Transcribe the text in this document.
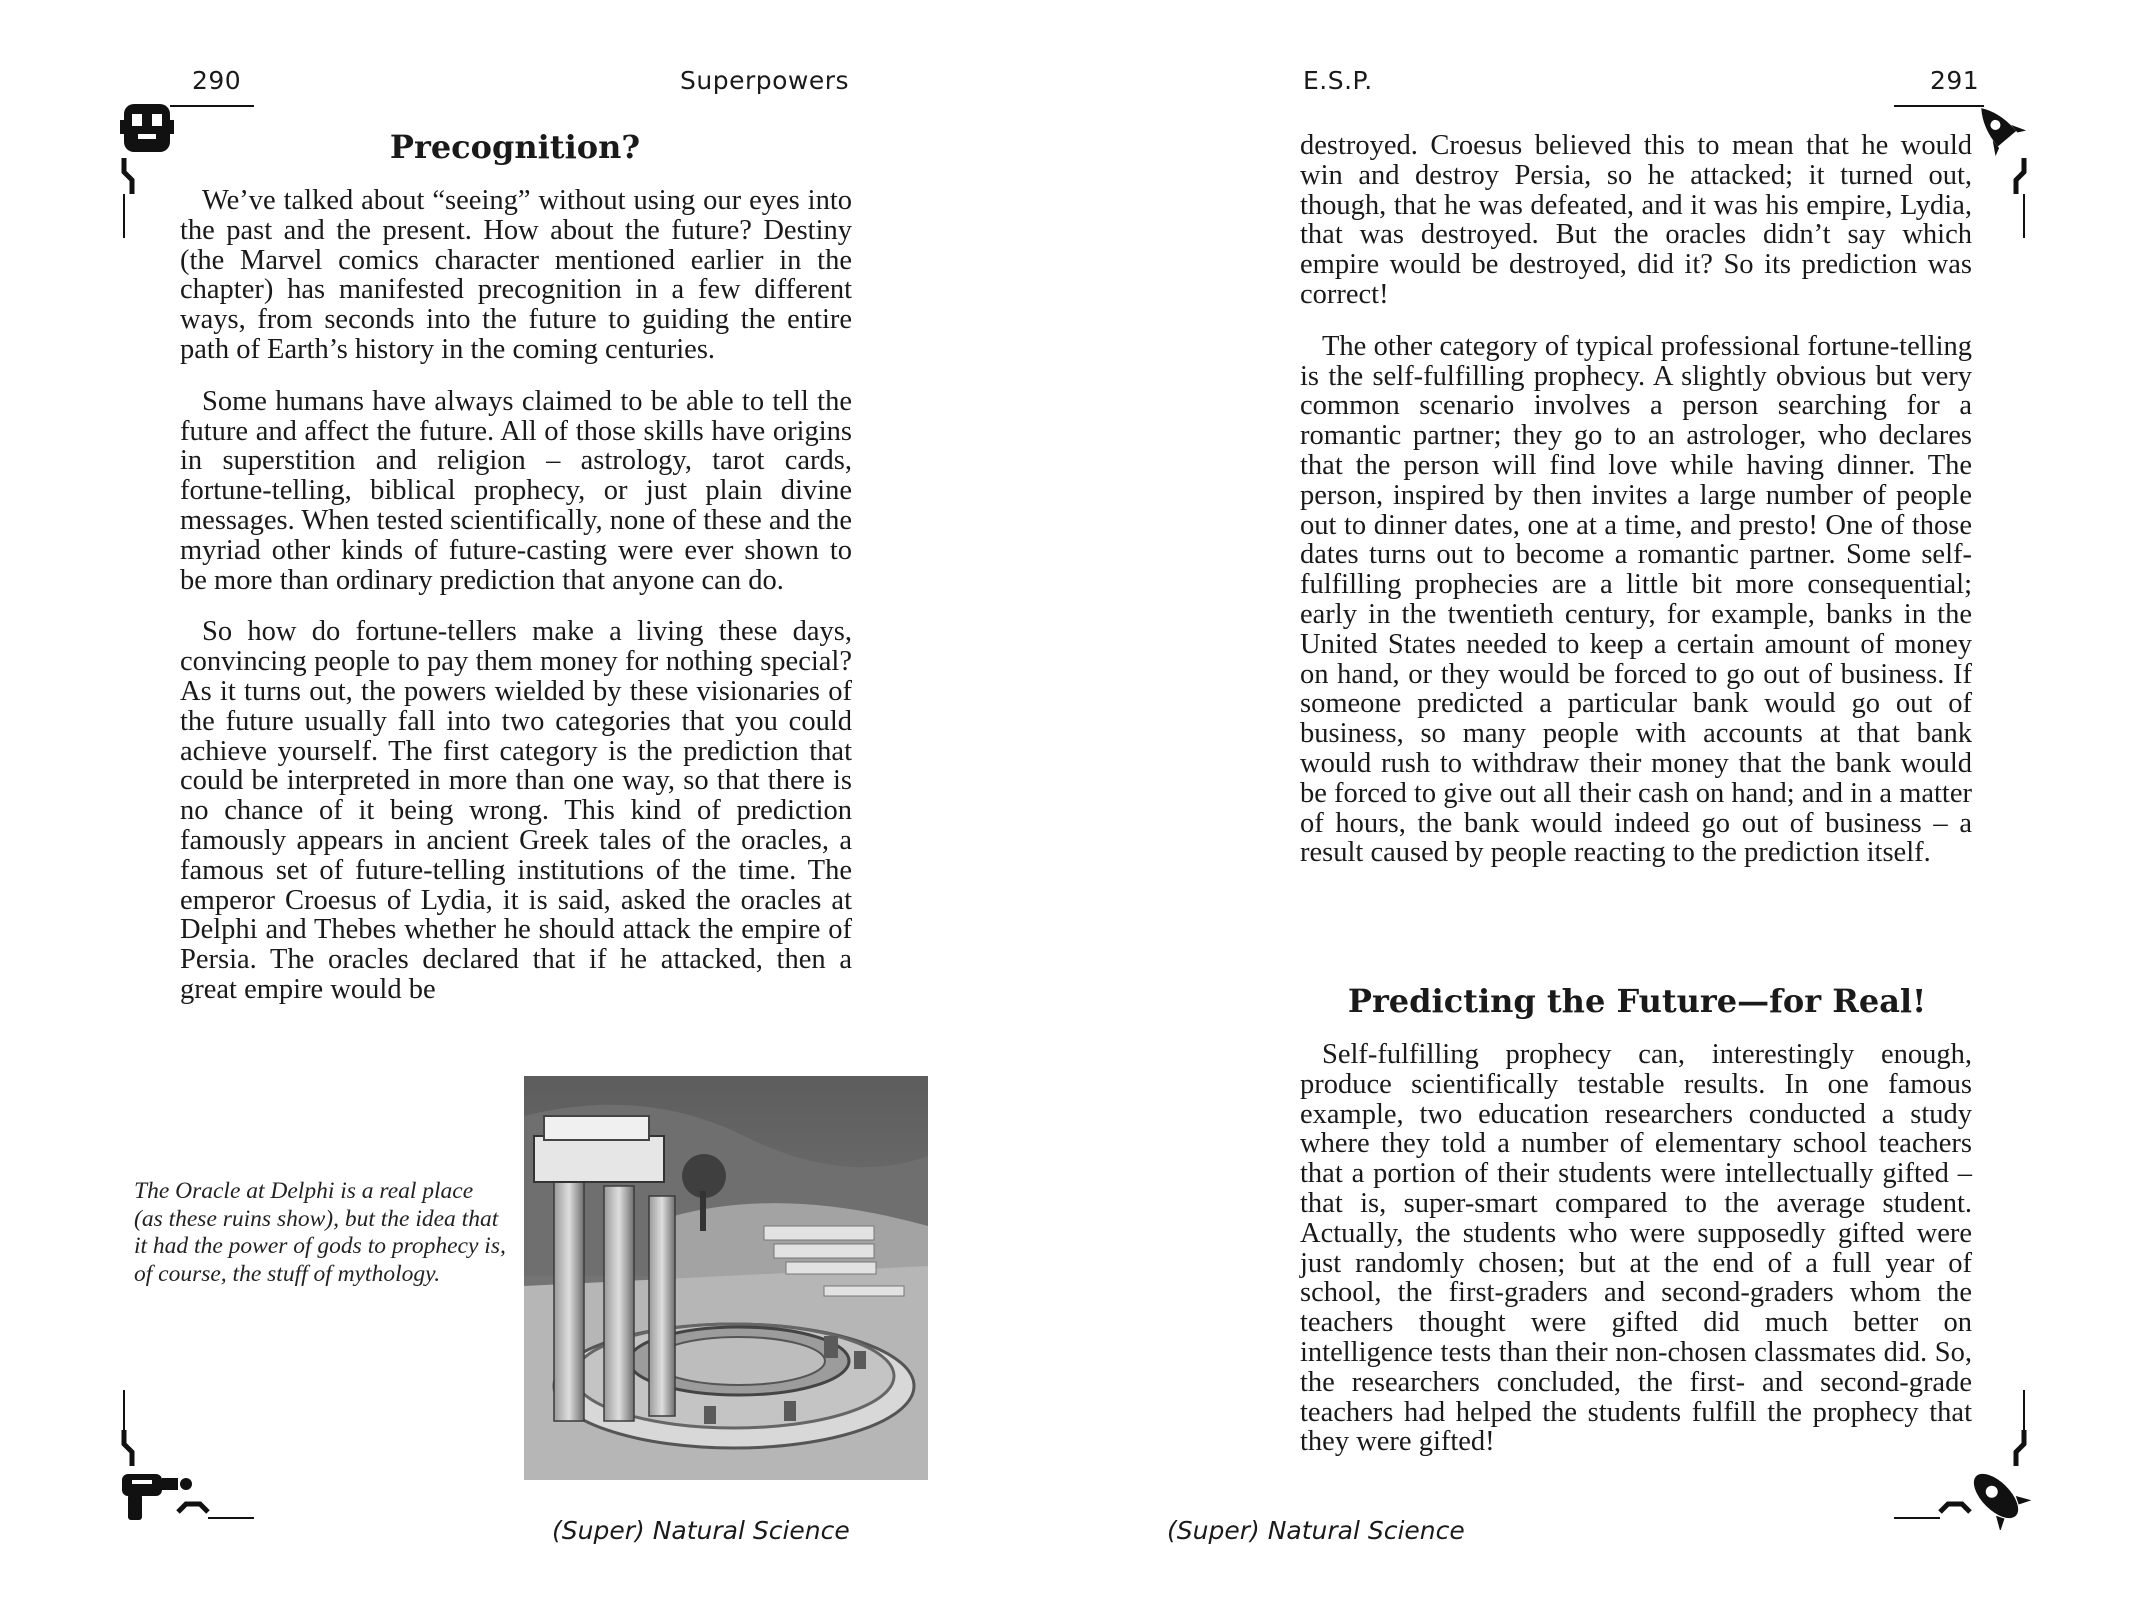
290	Superpowers
Precognition?

We’ve talked about “seeing” without using our eyes into the past and the present. How about the future? Destiny (the Marvel comics character mentioned earlier in the chapter) has manifested precognition in a few different ways, from seconds into the future to guiding the entire path of Earth’s history in the coming centuries.

Some humans have always claimed to be able to tell the future and affect the future. All of those skills have origins in superstition and religion – astrology, tarot cards, fortune-telling, biblical prophecy, or just plain divine messages. When tested scientifically, none of these and the myriad other kinds of future-casting were ever shown to be more than ordinary prediction that anyone can do.

So how do fortune-tellers make a living these days, convincing people to pay them money for nothing special? As it turns out, the powers wielded by these visionaries of the future usually fall into two categories that you could achieve yourself. The first category is the prediction that could be interpreted in more than one way, so that there is no chance of it being wrong. This kind of prediction famously appears in ancient Greek tales of the oracles, a famous set of future-telling institutions of the time. The emperor Croesus of Lydia, it is said, asked the oracles at Delphi and Thebes whether he should attack the empire of Persia. The oracles declared that if he attacked, then a great empire would be

The Oracle at Delphi is a real place (as these ruins show), but the idea that it had the power of gods to prophecy is, of course, the stuff of mythology.
(Super) Natural Science
E.S.P.	291

destroyed. Croesus believed this to mean that he would win and destroy Persia, so he attacked; it turned out, though, that he was defeated, and it was his empire, Lydia, that was destroyed. But the oracles didn’t say which empire would be destroyed, did it? So its prediction was correct!

The other category of typical professional fortune-telling is the self-fulfilling prophecy. A slightly obvious but very common scenario involves a person searching for a romantic partner; they go to an astrologer, who declares that the person will find love while having dinner. The person, inspired by then invites a large number of people out to dinner dates, one at a time, and presto! One of those dates turns out to become a romantic partner. Some self-fulfilling prophecies are a little bit more consequential; early in the twentieth century, for example, banks in the United States needed to keep a certain amount of money on hand, or they would be forced to go out of business. If someone predicted a particular bank would go out of business, so many people with accounts at that bank would rush to withdraw their money that the bank would be forced to give out all their cash on hand; and in a matter of hours, the bank would indeed go out of business – a result caused by people reacting to the prediction itself.

Predicting the Future—for Real!

Self-fulfilling prophecy can, interestingly enough, produce scientifically testable results. In one famous example, two education researchers conducted a study where they told a number of elementary school teachers that a portion of their students were intellectually gifted – that is, super-smart compared to the average student. Actually, the students who were supposedly gifted were just randomly chosen; but at the end of a full year of school, the first-graders and second-graders whom the teachers thought were gifted did much better on intelligence tests than their non-chosen classmates did. So, the researchers concluded, the first- and second-grade teachers had helped the students fulfill the prophecy that they were gifted!

(Super) Natural Science
